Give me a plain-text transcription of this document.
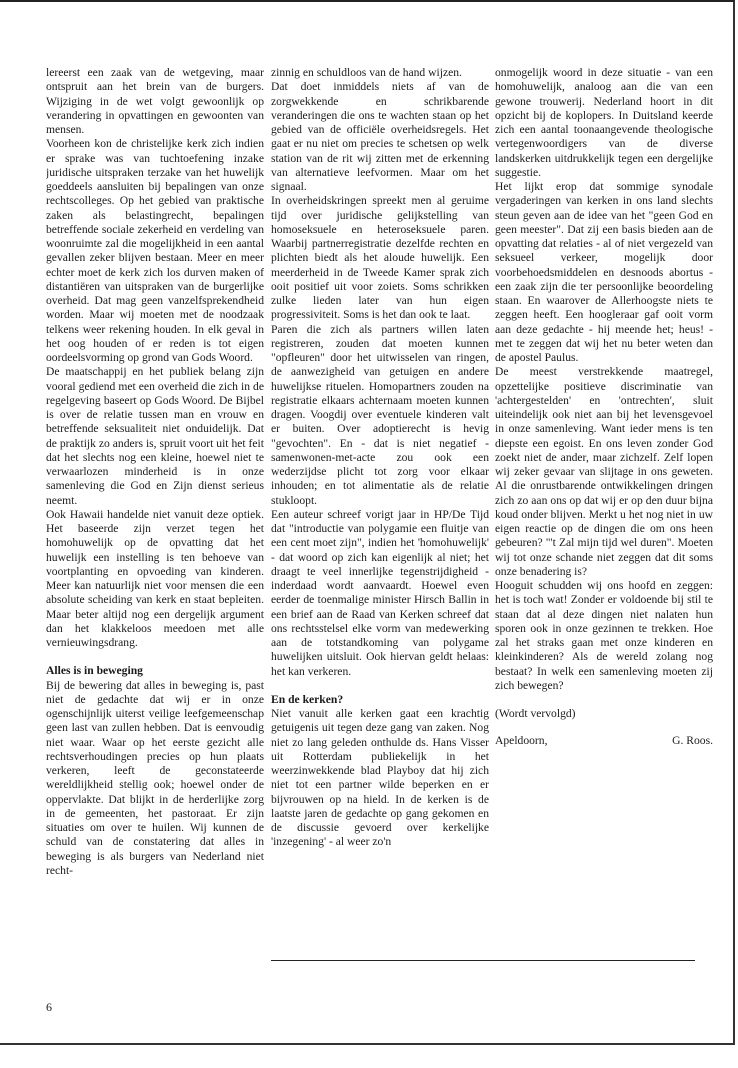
lereerst een zaak van de wetgeving, maar ontspruit aan het brein van de burgers. Wijziging in de wet volgt gewoonlijk op verandering in opvattingen en gewoonten van mensen.

Voorheen kon de christelijke kerk zich indien er sprake was van tuchtoefening inzake juridische uitspraken terzake van het huwelijk goeddeels aansluiten bij bepalingen van onze rechtscolleges. Op het gebied van praktische zaken als belastingrecht, bepalingen betreffende sociale zekerheid en verdeling van woonruimte zal die mogelijkheid in een aantal gevallen zeker blijven bestaan. Meer en meer echter moet de kerk zich los durven maken of distantiëren van uitspraken van de burgerlijke overheid. Dat mag geen vanzelfsprekendheid worden. Maar wij moeten met de noodzaak telkens weer rekening houden. In elk geval in het oog houden of er reden is tot eigen oordeelsvorming op grond van Gods Woord.

De maatschappij en het publiek belang zijn vooral gediend met een overheid die zich in de regelgeving baseert op Gods Woord. De Bijbel is over de relatie tussen man en vrouw en betreffende seksualiteit niet onduidelijk. Dat de praktijk zo anders is, spruit voort uit het feit dat het slechts nog een kleine, hoewel niet te verwaarlozen minderheid is in onze samenleving die God en Zijn dienst serieus neemt.

Ook Hawaii handelde niet vanuit deze optiek. Het baseerde zijn verzet tegen het homohuwelijk op de opvatting dat het huwelijk een instelling is ten behoeve van voortplanting en opvoeding van kinderen. Meer kan natuurlijk niet voor mensen die een absolute scheiding van kerk en staat bepleiten. Maar beter altijd nog een dergelijk argument dan het klakkeloos meedoen met alle vernieuwingsdrang.

Alles is in beweging

Bij de bewering dat alles in beweging is, past niet de gedachte dat wij er in onze ogenschijnlijk uiterst veilige leefgemeenschap geen last van zullen hebben. Dat is eenvoudig niet waar. Waar op het eerste gezicht alle rechtsverhoudingen precies op hun plaats verkeren, leeft de geconstateerde wereldlijkheid stellig ook; hoewel onder de oppervlakte. Dat blijkt in de herderlijke zorg in de gemeenten, het pastoraat. Er zijn situaties om over te huilen. Wij kunnen de schuld van de constatering dat alles in beweging is als burgers van Nederland niet recht-

zinnig en schuldloos van de hand wijzen.

Dat doet inmiddels niets af van de zorgwekkende en schrikbarende veranderingen die ons te wachten staan op het gebied van de officiële overheidsregels. Het gaat er nu niet om precies te schetsen op welk station van de rit wij zitten met de erkenning van alternatieve leefvormen. Maar om het signaal.

In overheidskringen spreekt men al geruime tijd over juridische gelijkstelling van homoseksuele en heteroseksuele paren. Waarbij partnerregistratie dezelfde rechten en plichten biedt als het aloude huwelijk. Een meerderheid in de Tweede Kamer sprak zich ooit positief uit voor zoiets. Soms schrikken zulke lieden later van hun eigen progressiviteit. Soms is het dan ook te laat.

Paren die zich als partners willen laten registreren, zouden dat moeten kunnen "opfleuren" door het uitwisselen van ringen, de aanwezigheid van getuigen en andere huwelijkse rituelen. Homopartners zouden na registratie elkaars achternaam moeten kunnen dragen. Voogdij over eventuele kinderen valt er buiten. Over adoptierecht is hevig "gevochten". En - dat is niet negatief - samenwonen-met-acte zou ook een wederzijdse plicht tot zorg voor elkaar inhouden; en tot alimentatie als de relatie stukloopt.

Een auteur schreef vorigt jaar in HP/De Tijd dat "introductie van polygamie een fluitje van een cent moet zijn", indien het 'homohuwelijk' - dat woord op zich kan eigenlijk al niet; het draagt te veel innerlijke tegenstrijdigheid - inderdaad wordt aanvaardt. Hoewel even eerder de toenmalige minister Hirsch Ballin in een brief aan de Raad van Kerken schreef dat ons rechtsstelsel elke vorm van medewerking aan de totstandkoming van polygame huwelijken uitsluit. Ook hiervan geldt helaas: het kan verkeren.

En de kerken?

Niet vanuit alle kerken gaat een krachtig getuigenis uit tegen deze gang van zaken. Nog niet zo lang geleden onthulde ds. Hans Visser uit Rotterdam publiekelijk in het weerzinwekkende blad Playboy dat hij zich niet tot een partner wilde beperken en er bijvrouwen op na hield. In de kerken is de laatste jaren de gedachte op gang gekomen en de discussie gevoerd over kerkelijke 'inzegening' - al weer zo'n

onmogelijk woord in deze situatie - van een homohuwelijk, analoog aan die van een gewone trouwerij. Nederland hoort in dit opzicht bij de koplopers. In Duitsland keerde zich een aantal toonaangevende theologische vertegenwoordigers van de diverse landskerken uitdrukkelijk tegen een dergelijke suggestie.

Het lijkt erop dat sommige synodale vergaderingen van kerken in ons land slechts steun geven aan de idee van het "geen God en geen meester". Dat zij een basis bieden aan de opvatting dat relaties - al of niet vergezeld van seksueel verkeer, mogelijk door voorbehoedsmiddelen en desnoods abortus - een zaak zijn die ter persoonlijke beoordeling staan. En waarover de Allerhoogste niets te zeggen heeft. Een hoogleraar gaf ooit vorm aan deze gedachte - hij meende het; heus! - met te zeggen dat wij het nu beter weten dan de apostel Paulus.

De meest verstrekkende maatregel, opzettelijke positieve discriminatie van 'achtergestelden' en 'ontrechten', sluit uiteindelijk ook niet aan bij het levensgevoel in onze samenleving. Want ieder mens is ten diepste een egoist. En ons leven zonder God zoekt niet de ander, maar zichzelf. Zelf lopen wij zeker gevaar van slijtage in ons geweten. Al die onrustbarende ontwikkelingen dringen zich zo aan ons op dat wij er op den duur bijna koud onder blijven. Merkt u het nog niet in uw eigen reactie op de dingen die om ons heen gebeuren? "'t Zal mijn tijd wel duren". Moeten wij tot onze schande niet zeggen dat dit soms onze benadering is?

Hooguit schudden wij ons hoofd en zeggen: het is toch wat! Zonder er voldoende bij stil te staan dat al deze dingen niet nalaten hun sporen ook in onze gezinnen te trekken. Hoe zal het straks gaan met onze kinderen en kleinkinderen? Als de wereld zolang nog bestaat? In welk een samenleving moeten zij zich bewegen?

(Wordt vervolgd)

Apeldoorn,	G. Roos.
6
